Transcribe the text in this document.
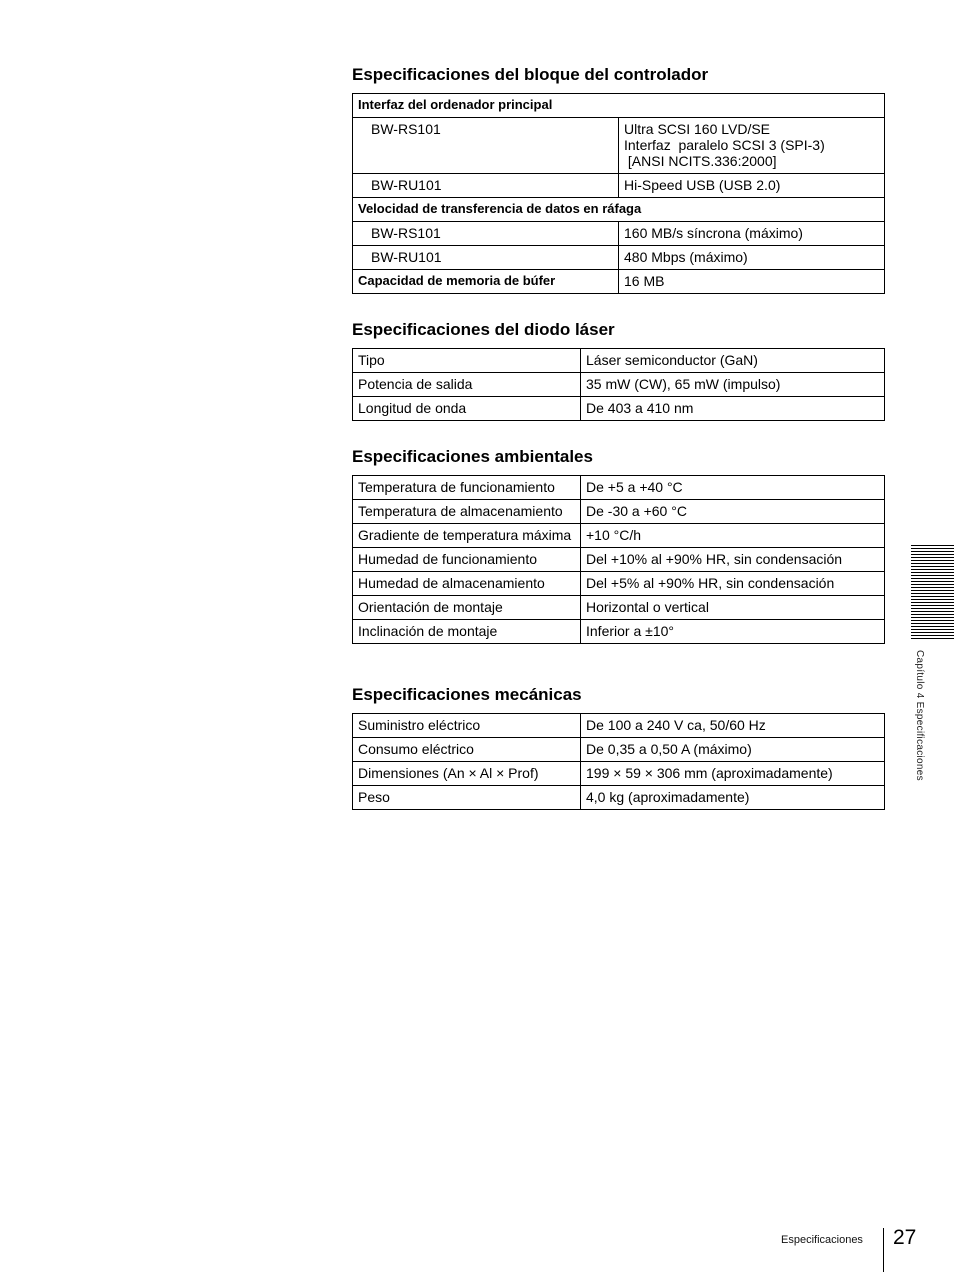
Especificaciones del bloque del controlador
Interfaz del ordenador principal	
BW-RS101	Ultra SCSI 160 LVD/SE
Interfaz  paralelo SCSI 3 (SPI-3)
[ANSI NCITS.336:2000]

BW-RU101	Hi-Speed USB (USB 2.0)
Velocidad de transferencia de datos en ráfaga	
BW-RS101	160 MB/s síncrona (máximo)
BW-RU101	480 Mbps (máximo)
Capacidad de memoria de búfer	16 MB
Especificaciones del diodo láser
Tipo	Láser semiconductor (GaN)
Potencia de salida	35 mW (CW), 65 mW (impulso)
Longitud de onda	De 403 a 410 nm
Especificaciones ambientales
Temperatura de funcionamiento	De +5 a +40 °C
Temperatura de almacenamiento	De -30 a +60 °C
Gradiente de temperatura máxima	+10 °C/h
Humedad de funcionamiento	Del +10% al +90% HR, sin condensación
Humedad de almacenamiento	Del +5% al +90% HR, sin condensación
Orientación de montaje	Horizontal o vertical
Inclinación de montaje	Inferior a ±10°
Especificaciones mecánicas
Suministro eléctrico	De 100 a 240 V ca, 50/60 Hz
Consumo eléctrico	De 0,35 a 0,50 A (máximo)
Dimensiones (An × Al × Prof)	199 × 59 × 306 mm (aproximadamente)
Peso	4,0 kg (aproximadamente)
Capítulo 4 Especificaciones
Especificaciones 27
